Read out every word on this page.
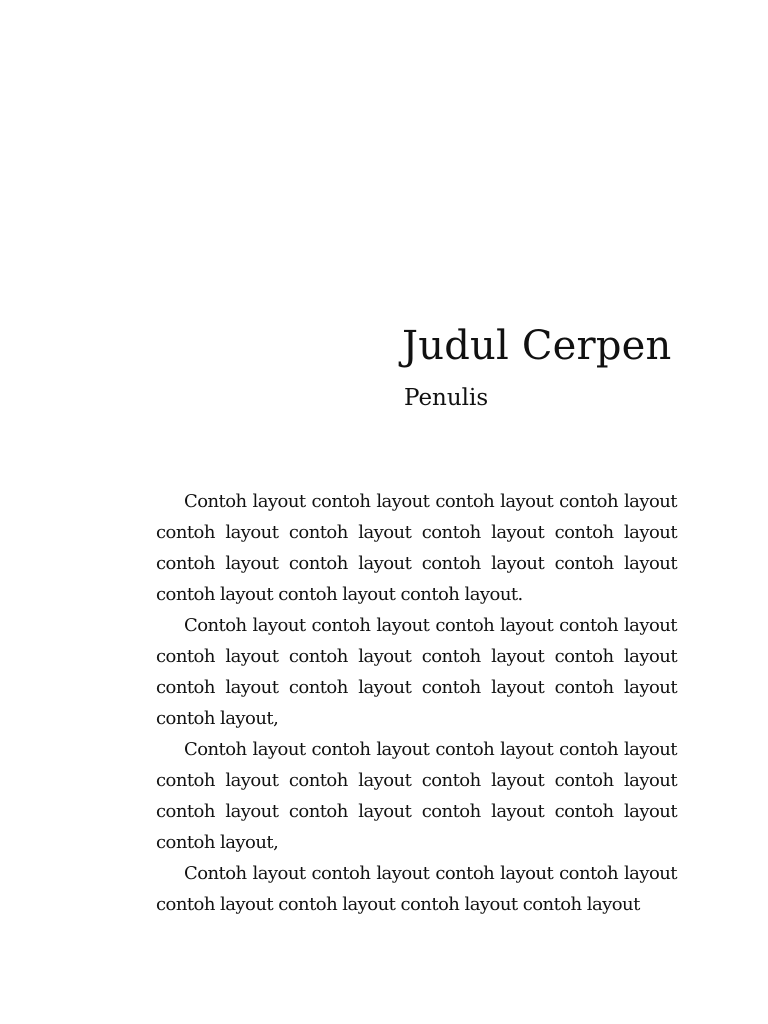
Judul Cerpen
Penulis

Contoh layout contoh layout contoh layout contoh layout contoh layout contoh layout contoh layout contoh layout contoh layout contoh layout contoh layout contoh layout contoh layout contoh layout contoh layout.

Contoh layout contoh layout contoh layout contoh layout contoh layout contoh layout contoh layout contoh layout contoh layout contoh layout contoh layout contoh layout contoh layout,

Contoh layout contoh layout contoh layout contoh layout contoh layout contoh layout contoh layout contoh layout contoh layout contoh layout contoh layout contoh layout contoh layout,

Contoh layout contoh layout contoh layout contoh layout contoh layout contoh layout contoh layout contoh layout
